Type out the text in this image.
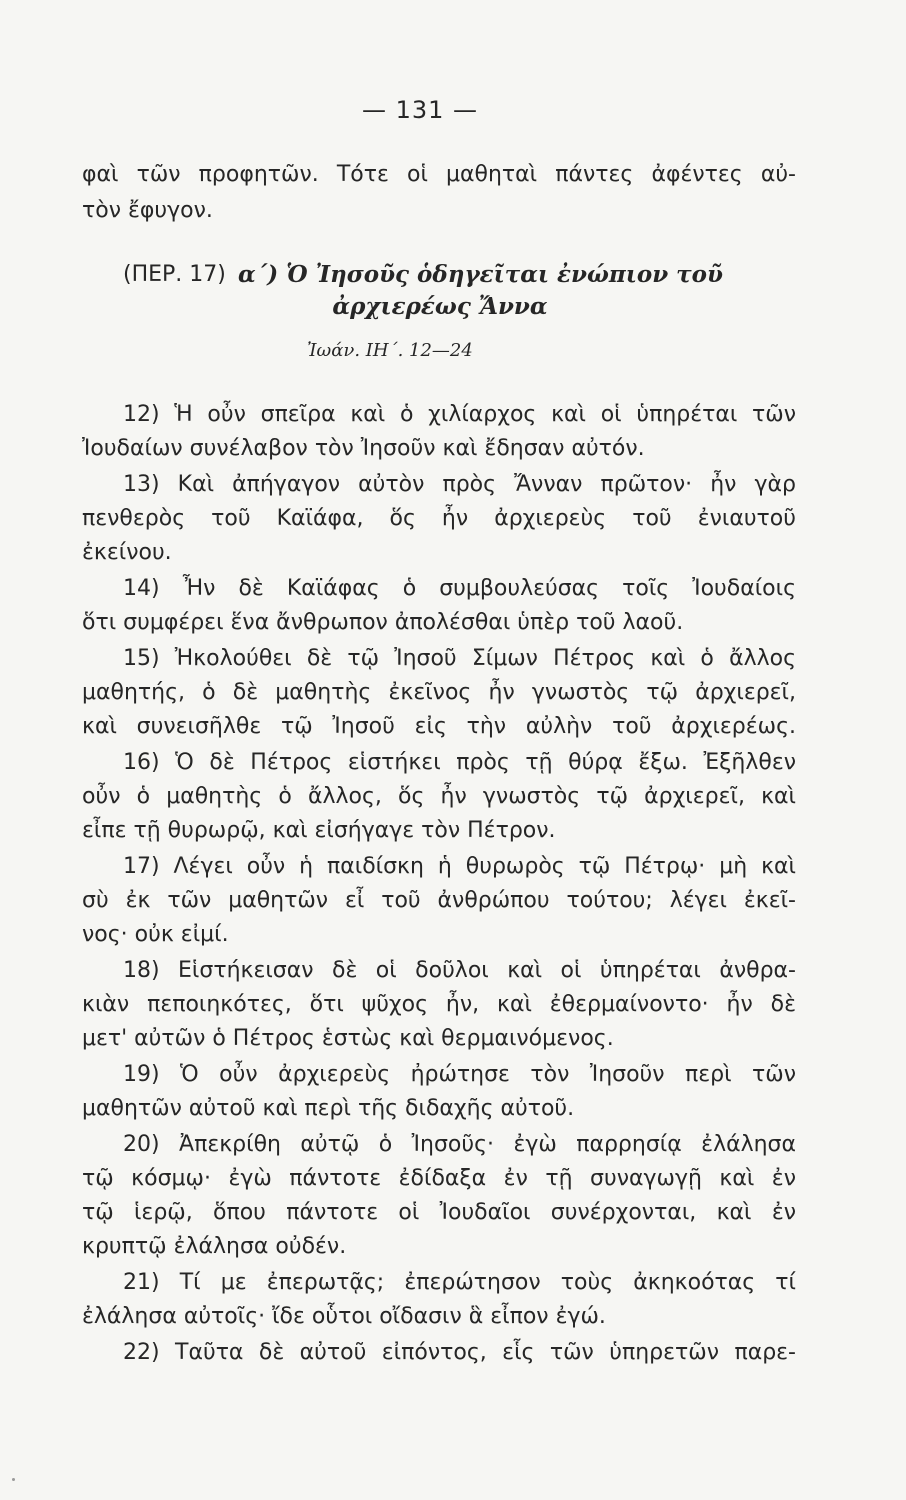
— 131 —
φαὶ τῶν προφητῶν. Τότε οἱ μαθηταὶ πάντες ἀφέντες αὐ-
τὸν ἔφυγον.
(ΠΕΡ. 17) α΄) Ὁ Ἰησοῦς ὁδηγεῖται ἐνώπιον τοῦ
ἀρχιερέως Ἄννα
Ἰωάν. ΙΗ΄. 12—24
12) Ἡ οὖν σπεῖρα καὶ ὁ χιλίαρχος καὶ οἱ ὑπηρέται τῶν
Ἰουδαίων συνέλαβον τὸν Ἰησοῦν καὶ ἔδησαν αὐτόν.
13) Καὶ ἀπήγαγον αὐτὸν πρὸς Ἄνναν πρῶτον· ἦν γὰρ
πενθερὸς τοῦ Καϊάφα, ὅς ἦν ἀρχιερεὺς τοῦ ἐνιαυτοῦ
ἐκείνου.
14) Ἦν δὲ Καϊάφας ὁ συμβουλεύσας τοῖς Ἰουδαίοις
ὅτι συμφέρει ἕνα ἄνθρωπον ἀπολέσθαι ὑπὲρ τοῦ λαοῦ.
15) Ἠκολούθει δὲ τῷ Ἰησοῦ Σίμων Πέτρος καὶ ὁ ἄλλος
μαθητής, ὁ δὲ μαθητὴς ἐκεῖνος ἦν γνωστὸς τῷ ἀρχιερεῖ,
καὶ συνεισῆλθε τῷ Ἰησοῦ εἰς τὴν αὐλὴν τοῦ ἀρχιερέως.
16) Ὁ δὲ Πέτρος εἱστήκει πρὸς τῇ θύρᾳ ἔξω. Ἐξῆλθεν
οὖν ὁ μαθητὴς ὁ ἄλλος, ὅς ἦν γνωστὸς τῷ ἀρχιερεῖ, καὶ
εἶπε τῇ θυρωρῷ, καὶ εἰσήγαγε τὸν Πέτρον.
17) Λέγει οὖν ἡ παιδίσκη ἡ θυρωρὸς τῷ Πέτρῳ· μὴ καὶ
σὺ ἐκ τῶν μαθητῶν εἶ τοῦ ἀνθρώπου τούτου; λέγει ἐκεῖ-
νος· οὐκ εἰμί.
18) Εἱστήκεισαν δὲ οἱ δοῦλοι καὶ οἱ ὑπηρέται ἀνθρα-
κιὰν πεποιηκότες, ὅτι ψῦχος ἦν, καὶ ἐθερμαίνοντο· ἦν δὲ
μετ' αὐτῶν ὁ Πέτρος ἑστὼς καὶ θερμαινόμενος.
19) Ὁ οὖν ἀρχιερεὺς ἠρώτησε τὸν Ἰησοῦν περὶ τῶν
μαθητῶν αὐτοῦ καὶ περὶ τῆς διδαχῆς αὐτοῦ.
20) Ἀπεκρίθη αὐτῷ ὁ Ἰησοῦς· ἐγὼ παρρησίᾳ ἐλάλησα
τῷ κόσμῳ· ἐγὼ πάντοτε ἐδίδαξα ἐν τῇ συναγωγῇ καὶ ἐν
τῷ ἱερῷ, ὅπου πάντοτε οἱ Ἰουδαῖοι συνέρχονται, καὶ ἐν
κρυπτῷ ἐλάλησα οὐδέν.
21) Τί με ἐπερωτᾷς; ἐπερώτησον τοὺς ἀκηκοότας τί
ἐλάλησα αὐτοῖς· ἴδε οὗτοι οἴδασιν ἃ εἶπον ἐγώ.
22) Ταῦτα δὲ αὐτοῦ εἰπόντος, εἷς τῶν ὑπηρετῶν παρε-
